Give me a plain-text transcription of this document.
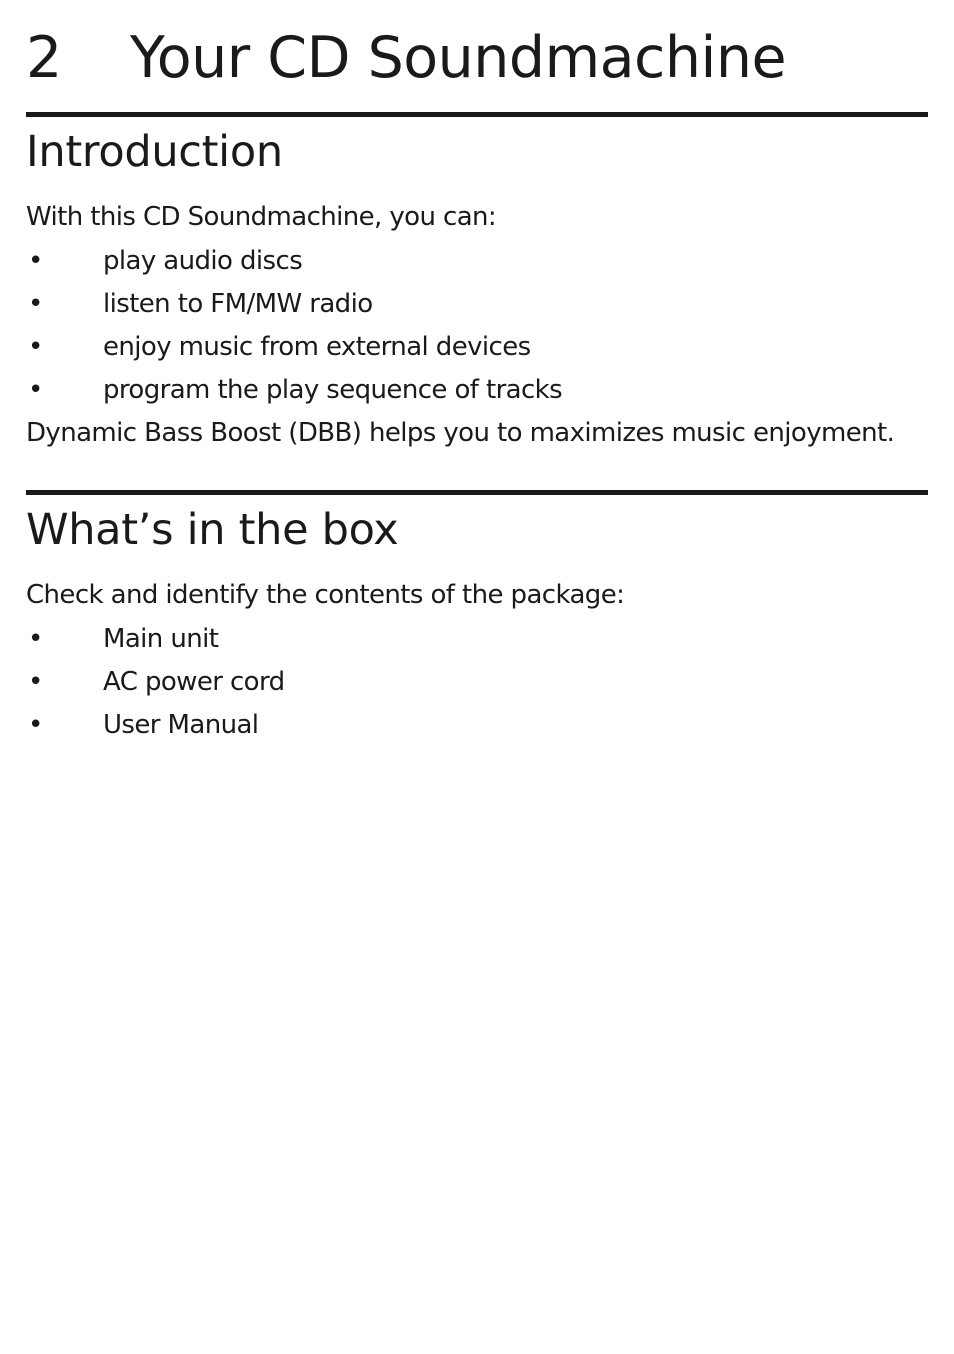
2 Your CD Soundmachine
Introduction
With this CD Soundmachine, you can:
• play audio discs
• listen to FM/MW radio
• enjoy music from external devices
• program the play sequence of tracks
Dynamic Bass Boost (DBB) helps you to maximizes music enjoyment.
What’s in the box
Check and identify the contents of the package:
• Main unit
• AC power cord
• User Manual
